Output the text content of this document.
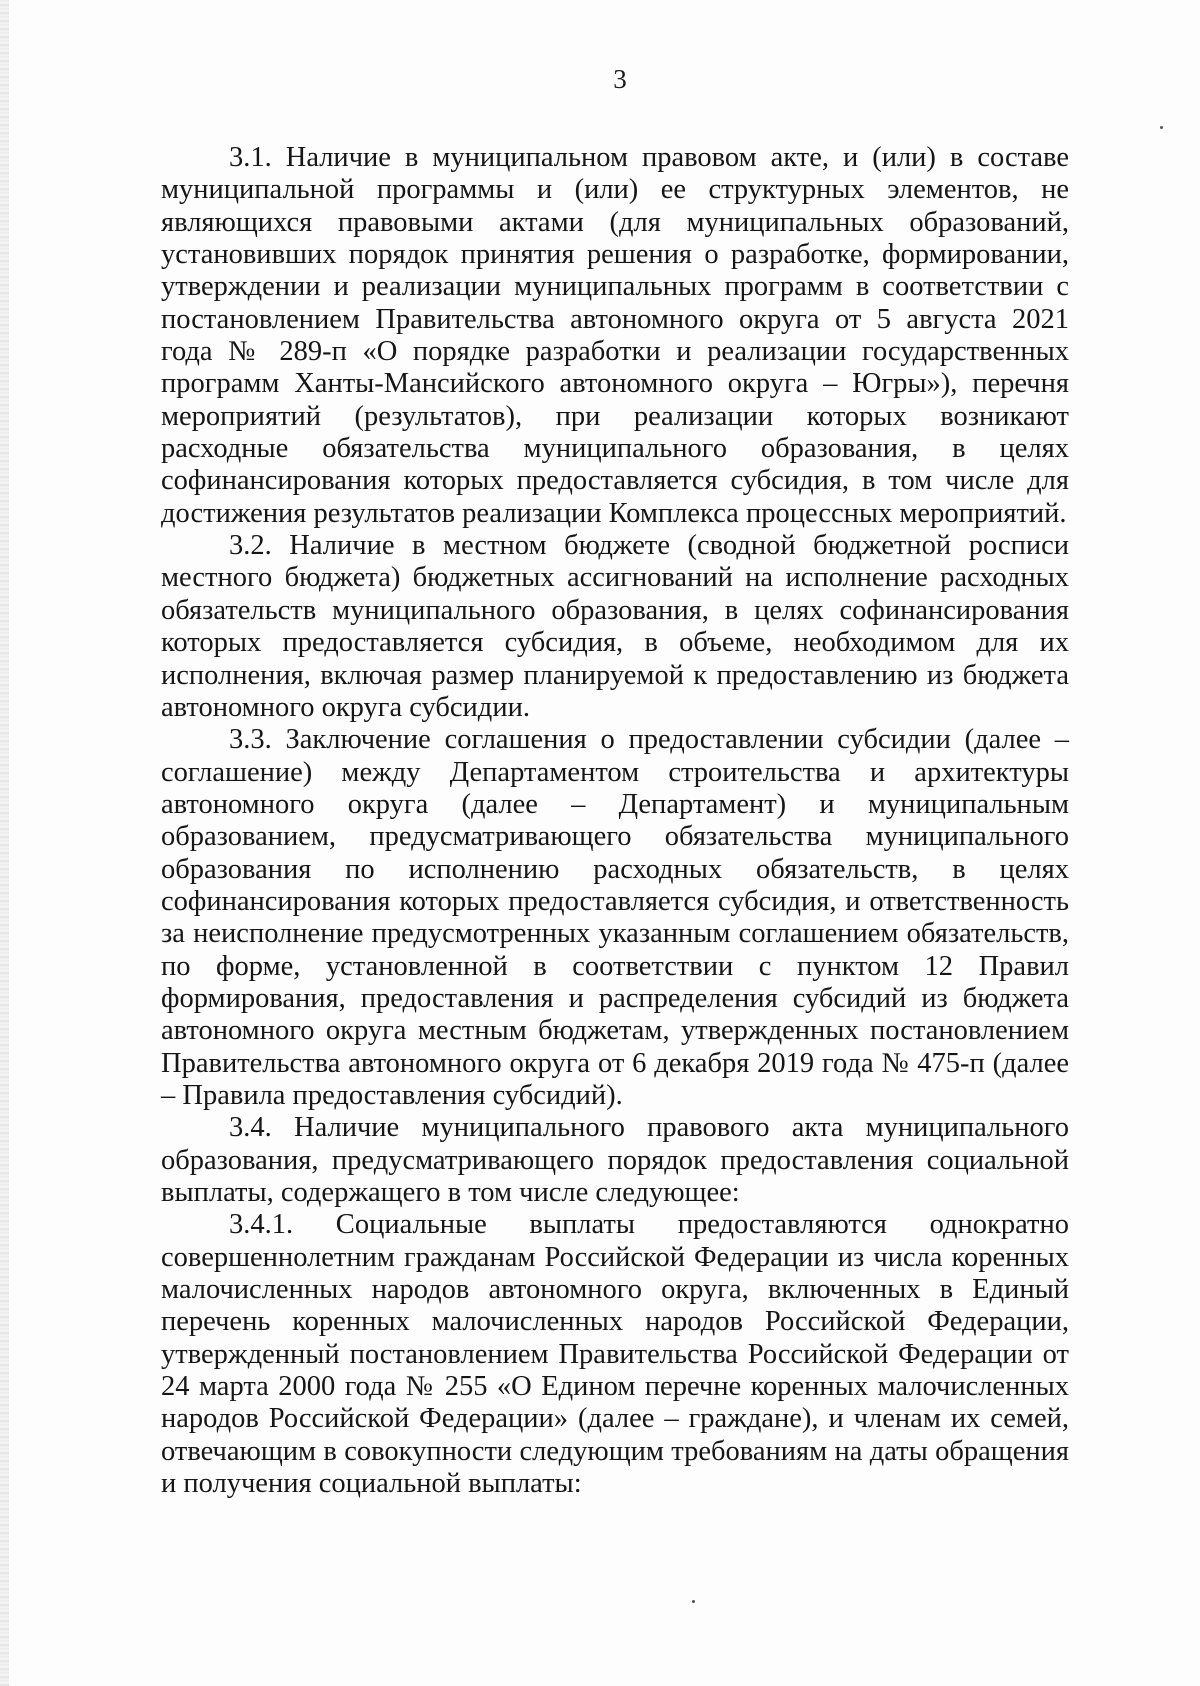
3

3.1. Наличие в муниципальном правовом акте, и (или) в составе муниципальной программы и (или) ее структурных элементов, не являющихся правовыми актами (для муниципальных образований, установивших порядок принятия решения о разработке, формировании, утверждении и реализации муниципальных программ в соответствии с постановлением Правительства автономного округа от 5 августа 2021 года № 289-п «О порядке разработки и реализации государственных программ Ханты-Мансийского автономного округа – Югры»), перечня мероприятий (результатов), при реализации которых возникают расходные обязательства муниципального образования, в целях софинансирования которых предоставляется субсидия, в том числе для достижения результатов реализации Комплекса процессных мероприятий.

3.2. Наличие в местном бюджете (сводной бюджетной росписи местного бюджета) бюджетных ассигнований на исполнение расходных обязательств муниципального образования, в целях софинансирования которых предоставляется субсидия, в объеме, необходимом для их исполнения, включая размер планируемой к предоставлению из бюджета автономного округа субсидии.

3.3. Заключение соглашения о предоставлении субсидии (далее – соглашение) между Департаментом строительства и архитектуры автономного округа (далее – Департамент) и муниципальным образованием, предусматривающего обязательства муниципального образования по исполнению расходных обязательств, в целях софинансирования которых предоставляется субсидия, и ответственность за неисполнение предусмотренных указанным соглашением обязательств, по форме, установленной в соответствии с пунктом 12 Правил формирования, предоставления и распределения субсидий из бюджета автономного округа местным бюджетам, утвержденных постановлением Правительства автономного округа от 6 декабря 2019 года № 475-п (далее – Правила предоставления субсидий).

3.4. Наличие муниципального правового акта муниципального образования, предусматривающего порядок предоставления социальной выплаты, содержащего в том числе следующее:

3.4.1. Социальные выплаты предоставляются однократно совершеннолетним гражданам Российской Федерации из числа коренных малочисленных народов автономного округа, включенных в Единый перечень коренных малочисленных народов Российской Федерации, утвержденный постановлением Правительства Российской Федерации от 24 марта 2000 года № 255 «О Едином перечне коренных малочисленных народов Российской Федерации» (далее – граждане), и членам их семей, отвечающим в совокупности следующим требованиям на даты обращения и получения социальной выплаты:
